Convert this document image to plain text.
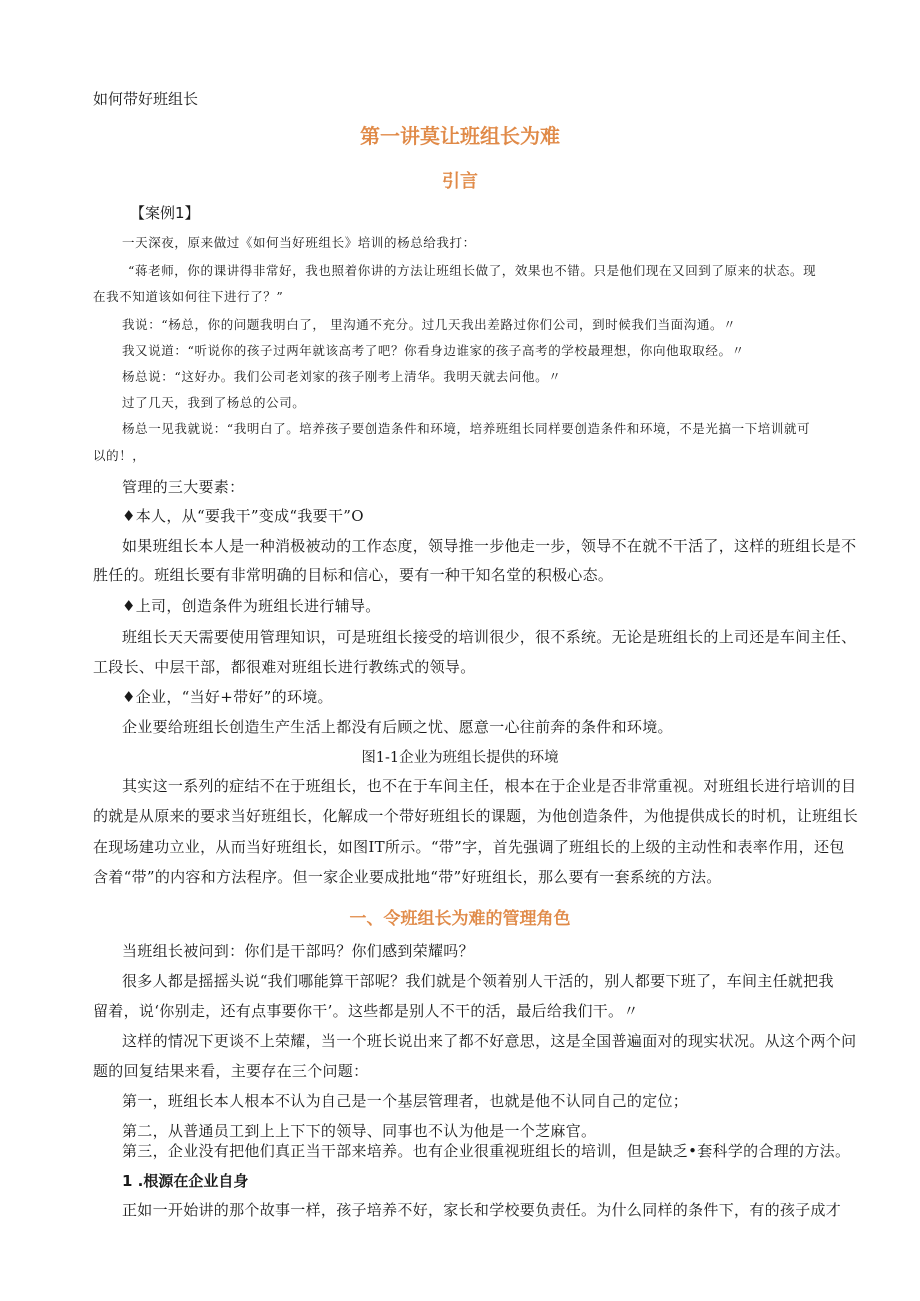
如何带好班组长
第一讲莫让班组长为难
引言
【案例1】
一天深夜，原来做过《如何当好班组长》培训的杨总给我打：
“蒋老师，你的课讲得非常好，我也照着你讲的方法让班组长做了，效果也不错。只是他们现在又回到了原来的状态。现
在我不知道该如何往下进行了？”
我说：“杨总，你的问题我明白了， 里沟通不充分。过几天我出差路过你们公司，到时候我们当面沟通。〃
我又说道：“听说你的孩子过两年就该高考了吧？你看身边谁家的孩子高考的学校最理想，你向他取取经。〃
杨总说：“这好办。我们公司老刘家的孩子刚考上清华。我明天就去问他。〃
过了几天，我到了杨总的公司。
杨总一见我就说：“我明白了。培养孩子要创造条件和环境，培养班组长同样要创造条件和环境，不是光搞一下培训就可
以的！，
管理的三大要素：
♦本人，从“要我干”变成“我要干”O
如果班组长本人是一种消极被动的工作态度，领导推一步他走一步，领导不在就不干活了，这样的班组长是不
胜任的。班组长要有非常明确的目标和信心，要有一种干知名堂的积极心态。
♦上司，创造条件为班组长进行辅导。
班组长天天需要使用管理知识，可是班组长接受的培训很少，很不系统。无论是班组长的上司还是车间主任、
工段长、中层干部，都很难对班组长进行教练式的领导。
♦企业，“当好+带好”的环境。
企业要给班组长创造生产生活上都没有后顾之忧、愿意一心往前奔的条件和环境。
图1-1企业为班组长提供的环境
其实这一系列的症结不在于班组长，也不在于车间主任，根本在于企业是否非常重视。对班组长进行培训的目
的就是从原来的要求当好班组长，化解成一个带好班组长的课题，为他创造条件，为他提供成长的时机，让班组长
在现场建功立业，从而当好班组长，如图IT所示。“带”字，首先强调了班组长的上级的主动性和表率作用，还包
含着“带”的内容和方法程序。但一家企业要成批地“带”好班组长，那么要有一套系统的方法。
一、令班组长为难的管理角色
当班组长被问到：你们是干部吗？你们感到荣耀吗？
很多人都是摇摇头说“我们哪能算干部呢？我们就是个领着别人干活的，别人都要下班了，车间主任就把我
留着，说‘你别走，还有点事要你干’。这些都是别人不干的活，最后给我们干。〃
这样的情况下更谈不上荣耀，当一个班长说出来了都不好意思，这是全国普遍面对的现实状况。从这个两个问
题的回复结果来看，主要存在三个问题：
第一，班组长本人根本不认为自己是一个基层管理者，也就是他不认同自己的定位；
第二，从普通员工到上上下下的领导、同事也不认为他是一个芝麻官。
第三，企业没有把他们真正当干部来培养。也有企业很重视班组长的培训，但是缺乏•套科学的合理的方法。
1 .根源在企业自身
正如一开始讲的那个故事一样，孩子培养不好，家长和学校要负责任。为什么同样的条件下，有的孩子成才
